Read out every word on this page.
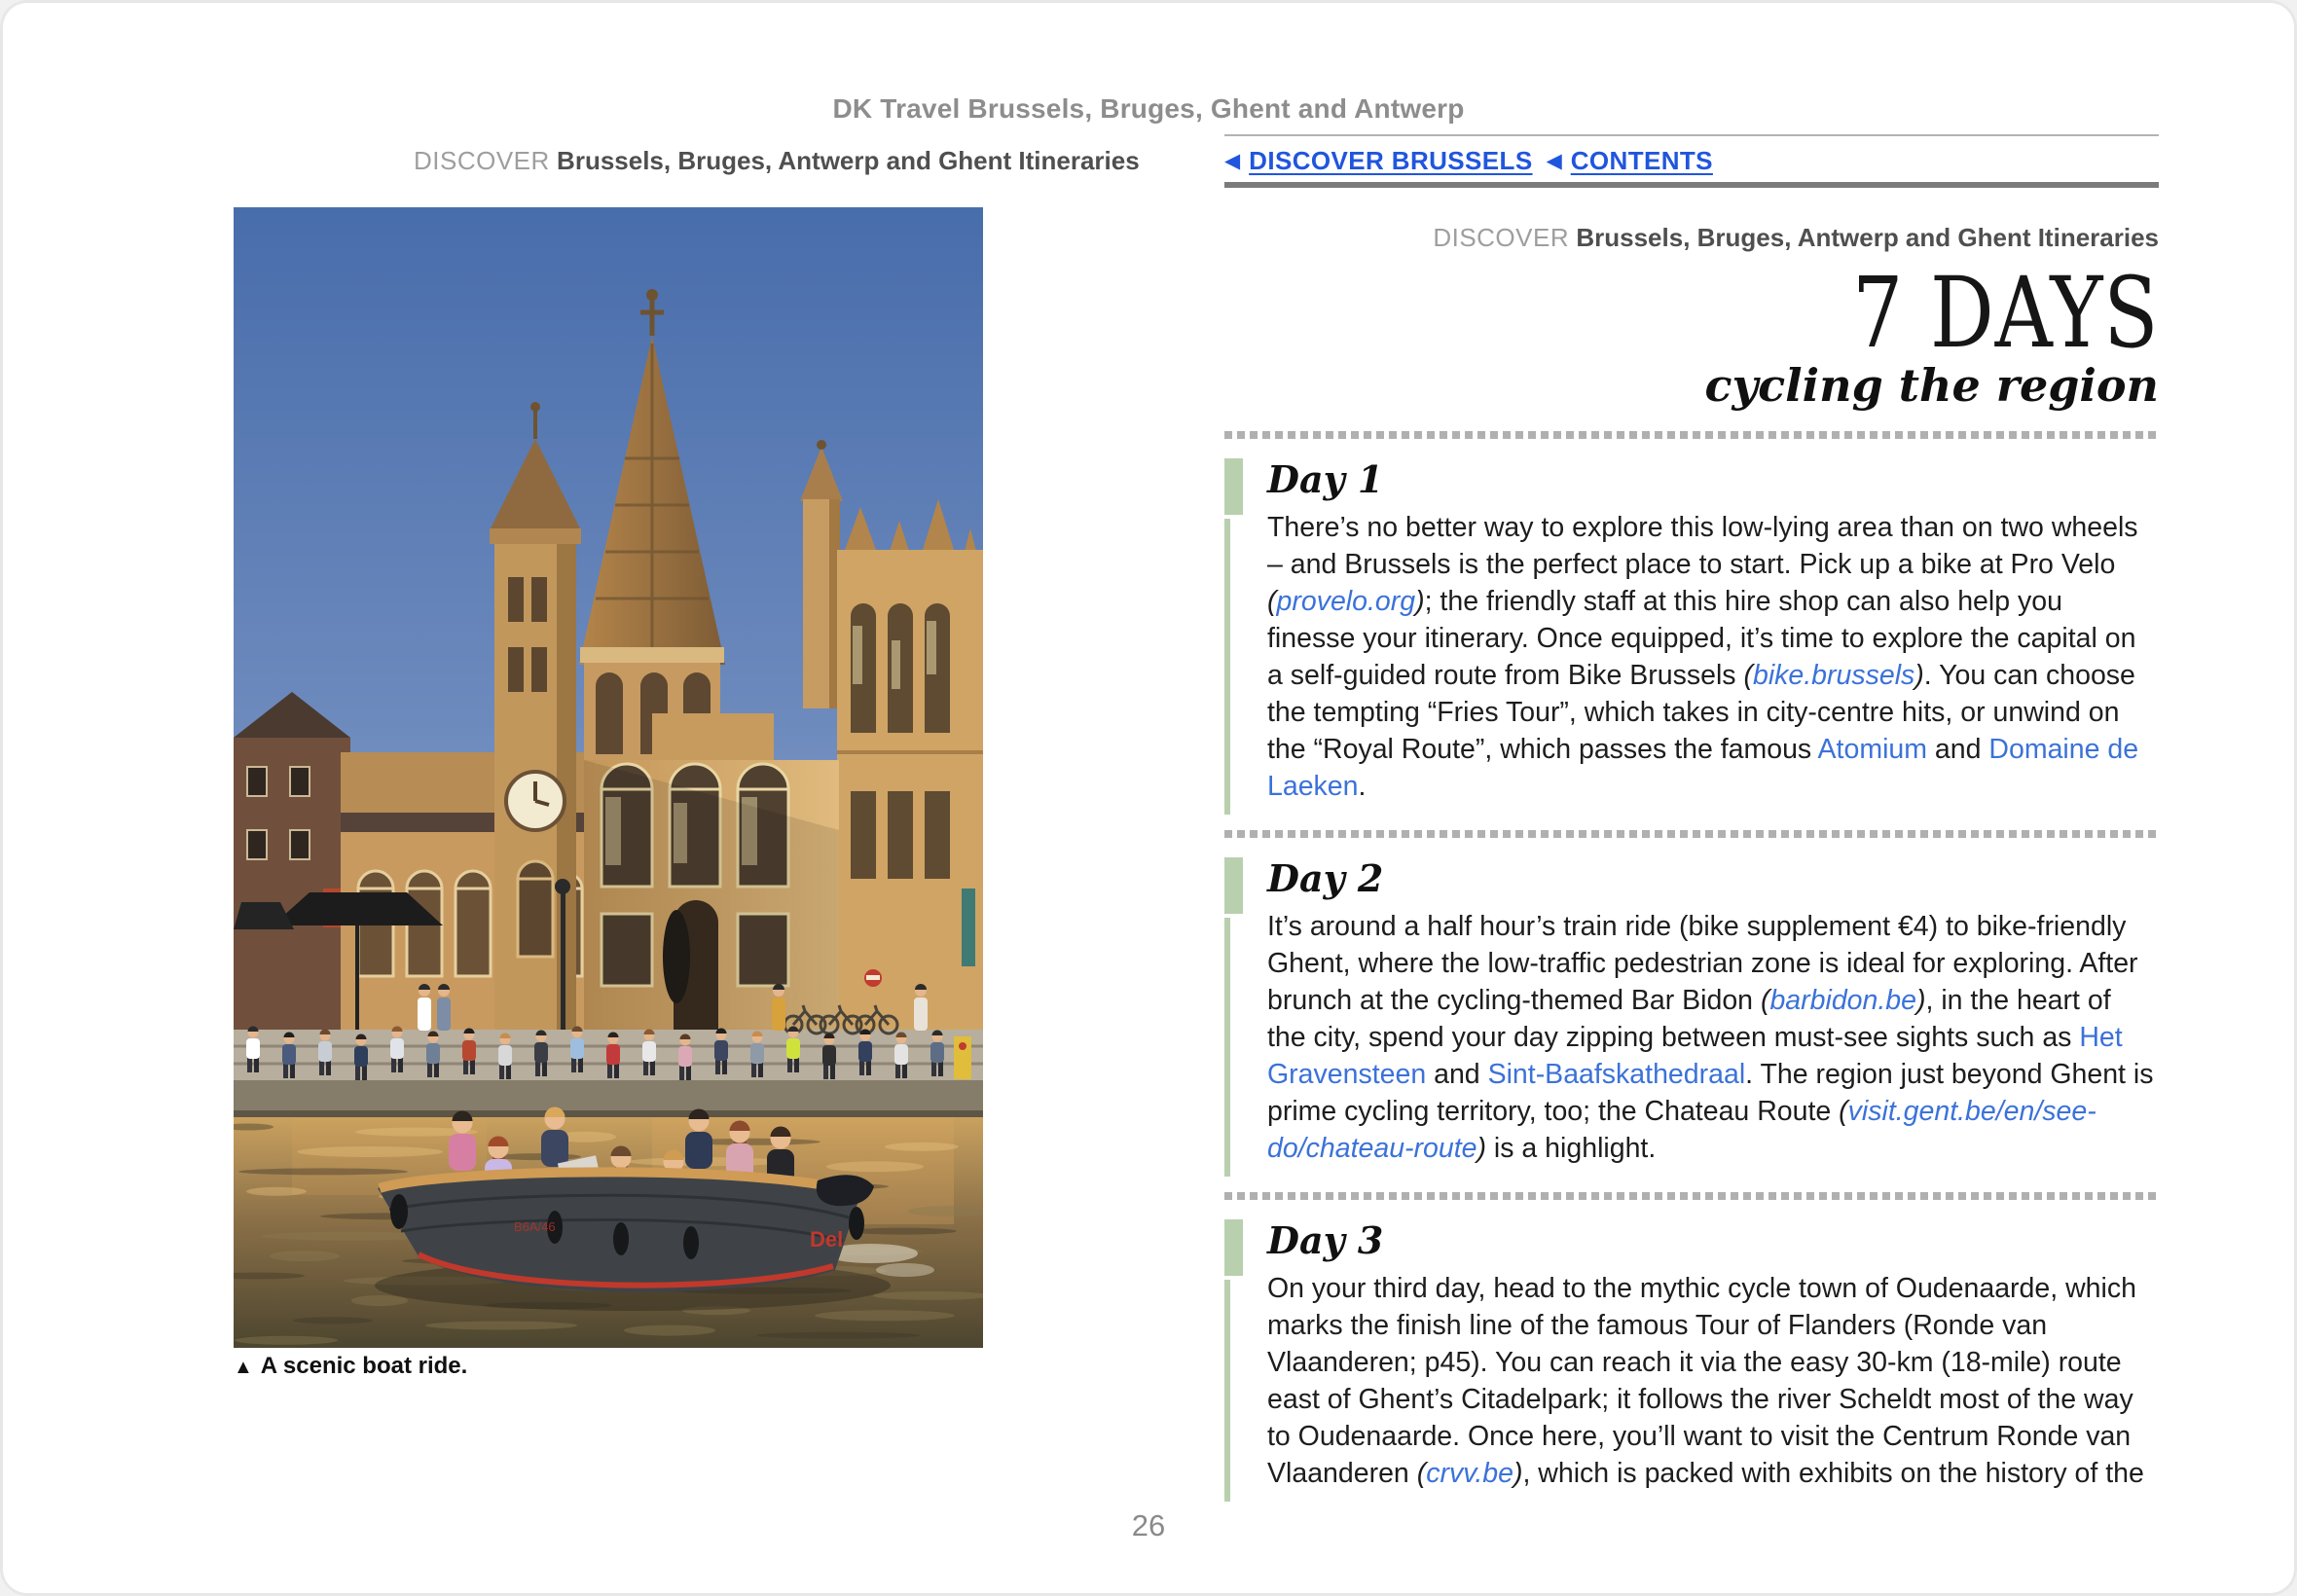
DK Travel Brussels, Bruges, Ghent and Antwerp
DISCOVER Brussels, Bruges, Antwerp and Ghent Itineraries
Del
B6A/46
▲ A scenic boat ride.
◀ DISCOVER BRUSSELS ◀ CONTENTS
DISCOVER Brussels, Bruges, Antwerp and Ghent Itineraries
7 DAYS
cycling the region
Day 1
There’s no better way to explore this low-lying area than on two wheels – and Brussels is the perfect place to start. Pick up a bike at Pro Velo (provelo.org); the friendly staff at this hire shop can also help you finesse your itinerary. Once equipped, it’s time to explore the capital on a self-guided route from Bike Brussels (bike.brussels). You can choose the tempting “Fries Tour”, which takes in city-centre hits, or unwind on the “Royal Route”, which passes the famous Atomium and Domaine de Laeken.
Day 2
It’s around a half hour’s train ride (bike supplement €4) to bike-friendly Ghent, where the low-traffic pedestrian zone is ideal for exploring. After brunch at the cycling-themed Bar Bidon (barbidon.be), in the heart of the city, spend your day zipping between must-see sights such as Het Gravensteen and Sint-Baafskathedraal. The region just beyond Ghent is prime cycling territory, too; the Chateau Route (visit.gent.be/en/see-do/chateau-route) is a highlight.
Day 3
On your third day, head to the mythic cycle town of Oudenaarde, which marks the finish line of the famous Tour of Flanders (Ronde van Vlaanderen; p45). You can reach it via the easy 30-km (18-mile) route east of Ghent’s Citadelpark; it follows the river Scheldt most of the way to Oudenaarde. Once here, you’ll want to visit the Centrum Ronde van Vlaanderen (crvv.be), which is packed with exhibits on the history of the
26
